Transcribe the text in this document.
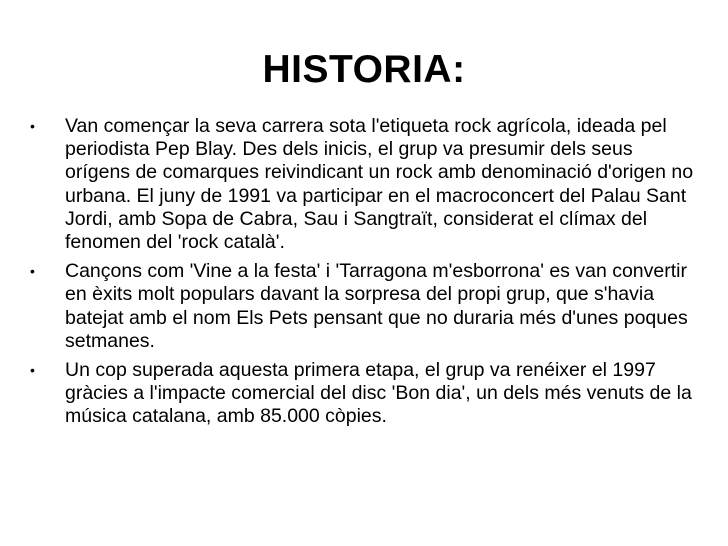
HISTORIA:
•	Van començar la seva carrera sota l'etiqueta rock agrícola, ideada pel periodista Pep Blay. Des dels inicis, el grup va presumir dels seus orígens de comarques reivindicant un rock amb denominació d'origen no urbana. El juny de 1991 va participar en el macroconcert del Palau Sant Jordi, amb Sopa de Cabra, Sau i Sangtraït, considerat el clímax del fenomen del 'rock català'.
•	Cançons com 'Vine a la festa' i 'Tarragona m'esborrona' es van convertir en èxits molt populars davant la sorpresa del propi grup, que s'havia batejat amb el nom Els Pets pensant que no duraria més d'unes poques setmanes.
•	Un cop superada aquesta primera etapa, el grup va renéixer el 1997 gràcies a l'impacte comercial del disc 'Bon dia', un dels més venuts de la música catalana, amb 85.000 còpies.
